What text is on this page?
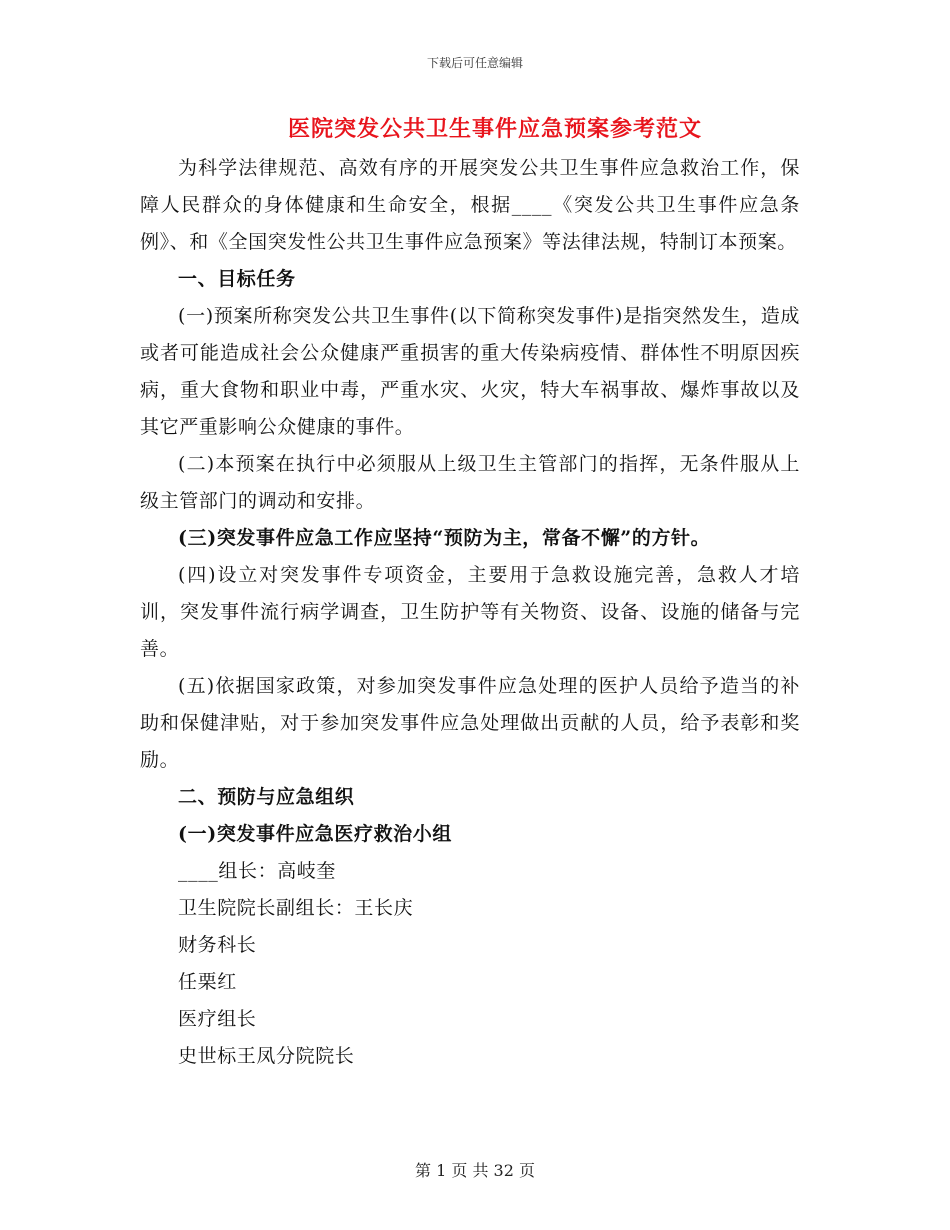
下载后可任意编辑
医院突发公共卫生事件应急预案参考范文

为科学法律规范、高效有序的开展突发公共卫生事件应急救治工作，保障人民群众的身体健康和生命安全，根据____《突发公共卫生事件应急条例》、和《全国突发性公共卫生事件应急预案》等法律法规，特制订本预案。

一、目标任务

(一)预案所称突发公共卫生事件(以下简称突发事件)是指突然发生，造成或者可能造成社会公众健康严重损害的重大传染病疫情、群体性不明原因疾病，重大食物和职业中毒，严重水灾、火灾，特大车祸事故、爆炸事故以及其它严重影响公众健康的事件。

(二)本预案在执行中必须服从上级卫生主管部门的指挥，无条件服从上级主管部门的调动和安排。

(三)突发事件应急工作应坚持“预防为主，常备不懈”的方针。

(四)设立对突发事件专项资金，主要用于急救设施完善，急救人才培训，突发事件流行病学调查，卫生防护等有关物资、设备、设施的储备与完善。

(五)依据国家政策，对参加突发事件应急处理的医护人员给予造当的补助和保健津贴，对于参加突发事件应急处理做出贡献的人员，给予表彰和奖励。

二、预防与应急组织

(一)突发事件应急医疗救治小组

____组长：高岐奎

卫生院院长副组长：王长庆

财务科长

任栗红

医疗组长

史世标王凤分院院长

第 1 页 共 32 页
